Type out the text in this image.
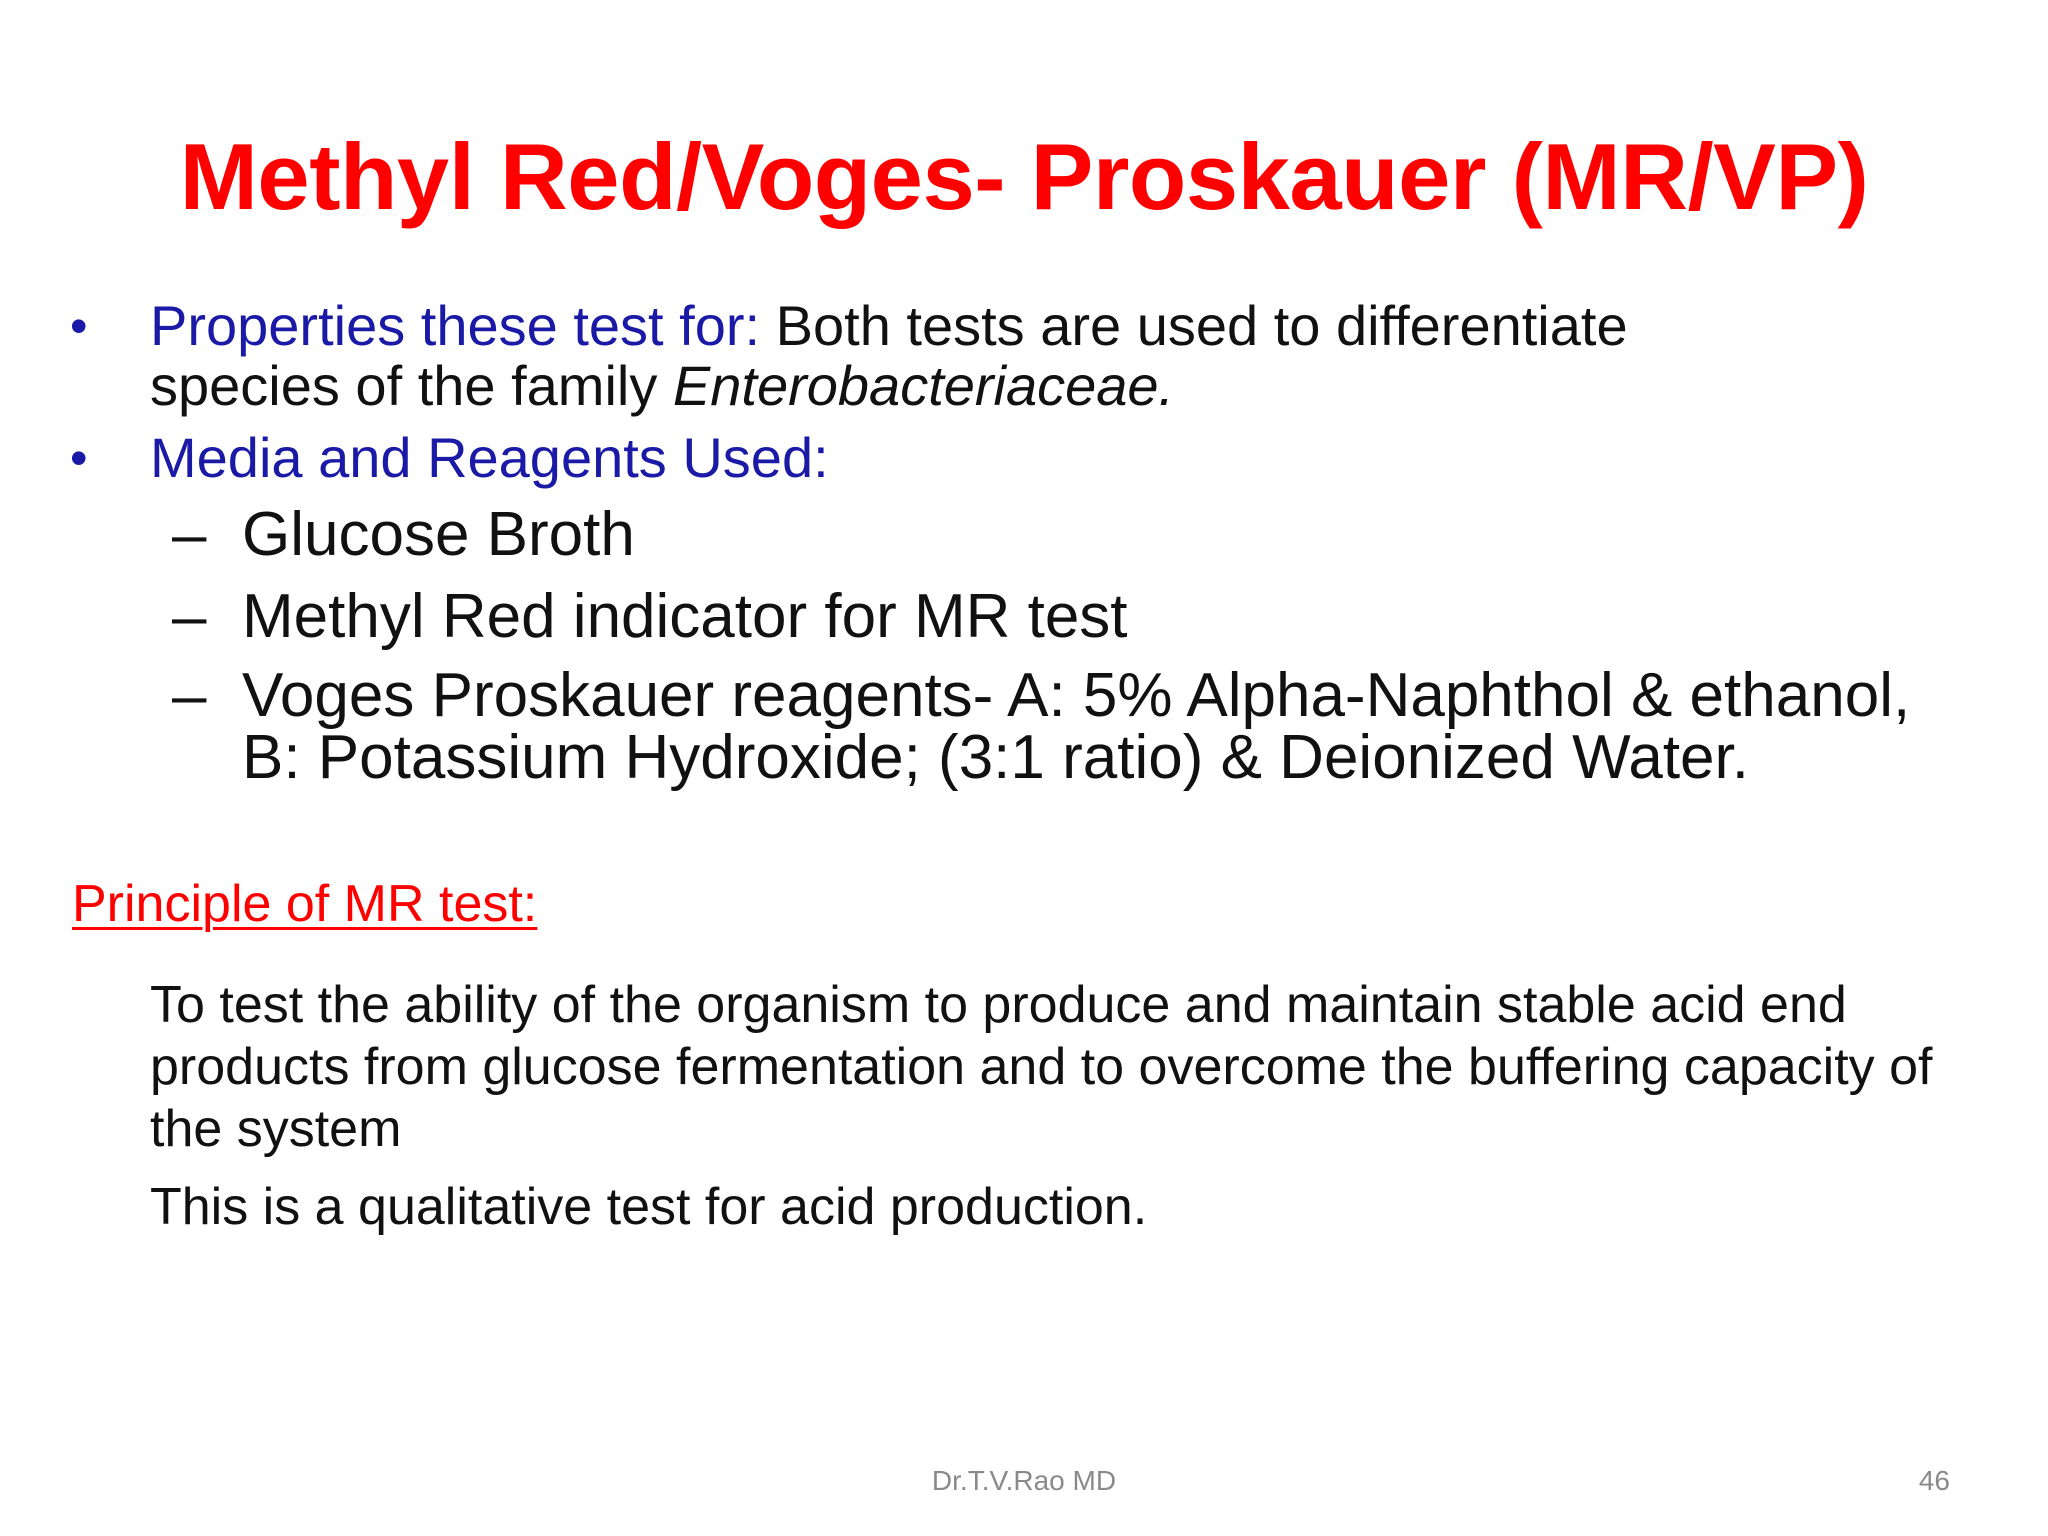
Methyl Red/Voges- Proskauer (MR/VP)
•	Properties these test for: Both tests are used to differentiate
species of the family Enterobacteriaceae.
•	Media and Reagents Used:
– Glucose Broth
– Methyl Red indicator for MR test
– Voges Proskauer reagents- A: 5% Alpha-Naphthol & ethanol, B: Potassium Hydroxide; (3:1 ratio) & Deionized Water.
Principle of MR test:
To test the ability of the organism to produce and maintain stable acid end products from glucose fermentation and to overcome the buffering capacity of the system
This is a qualitative test for acid production.
Dr.T.V.Rao MD	46
